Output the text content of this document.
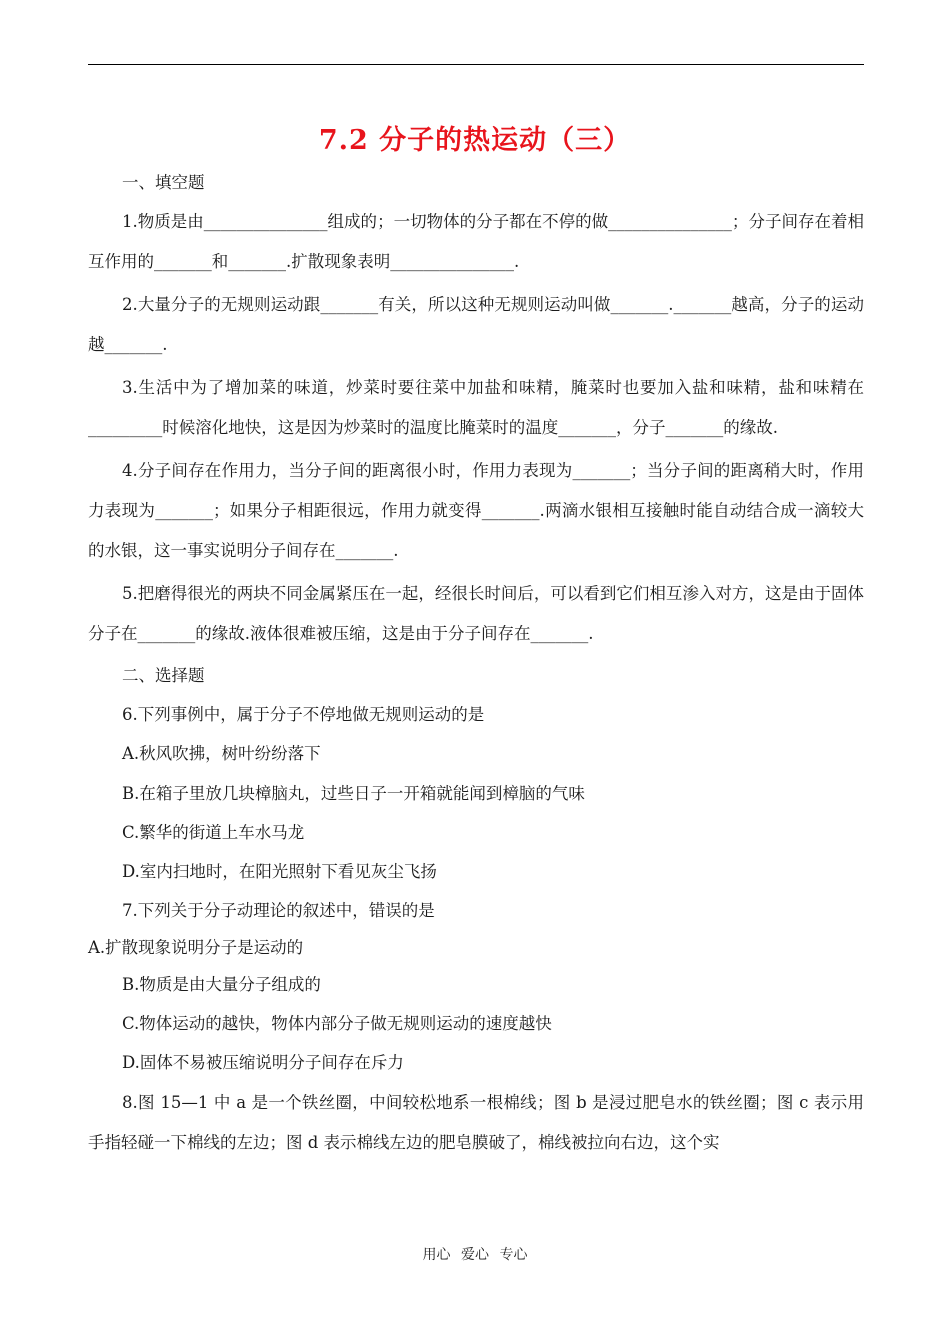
7.2 分子的热运动（三）
一、填空题
1.物质是由_______________组成的；一切物体的分子都在不停的做_______________；分子间存在着相互作用的_______和_______.扩散现象表明_______________.
2.大量分子的无规则运动跟_______有关，所以这种无规则运动叫做_______._______越高，分子的运动越_______.
3.生活中为了增加菜的味道，炒菜时要往菜中加盐和味精，腌菜时也要加入盐和味精，盐和味精在_________时候溶化地快，这是因为炒菜时的温度比腌菜时的温度_______，分子_______的缘故.
4.分子间存在作用力，当分子间的距离很小时，作用力表现为_______；当分子间的距离稍大时，作用力表现为_______；如果分子相距很远，作用力就变得_______.两滴水银相互接触时能自动结合成一滴较大的水银，这一事实说明分子间存在_______.
5.把磨得很光的两块不同金属紧压在一起，经很长时间后，可以看到它们相互渗入对方，这是由于固体分子在_______的缘故.液体很难被压缩，这是由于分子间存在_______.
二、选择题
6.下列事例中，属于分子不停地做无规则运动的是
A.秋风吹拂，树叶纷纷落下
B.在箱子里放几块樟脑丸，过些日子一开箱就能闻到樟脑的气味
C.繁华的街道上车水马龙
D.室内扫地时，在阳光照射下看见灰尘飞扬
7.下列关于分子动理论的叙述中，错误的是
A.扩散现象说明分子是运动的
B.物质是由大量分子组成的
C.物体运动的越快，物体内部分子做无规则运动的速度越快
D.固体不易被压缩说明分子间存在斥力
8.图 15—1 中 a 是一个铁丝圈，中间较松地系一根棉线；图 b 是浸过肥皂水的铁丝圈；图 c 表示用手指轻碰一下棉线的左边；图 d 表示棉线左边的肥皂膜破了，棉线被拉向右边，这个实
用心 爱心 专心
